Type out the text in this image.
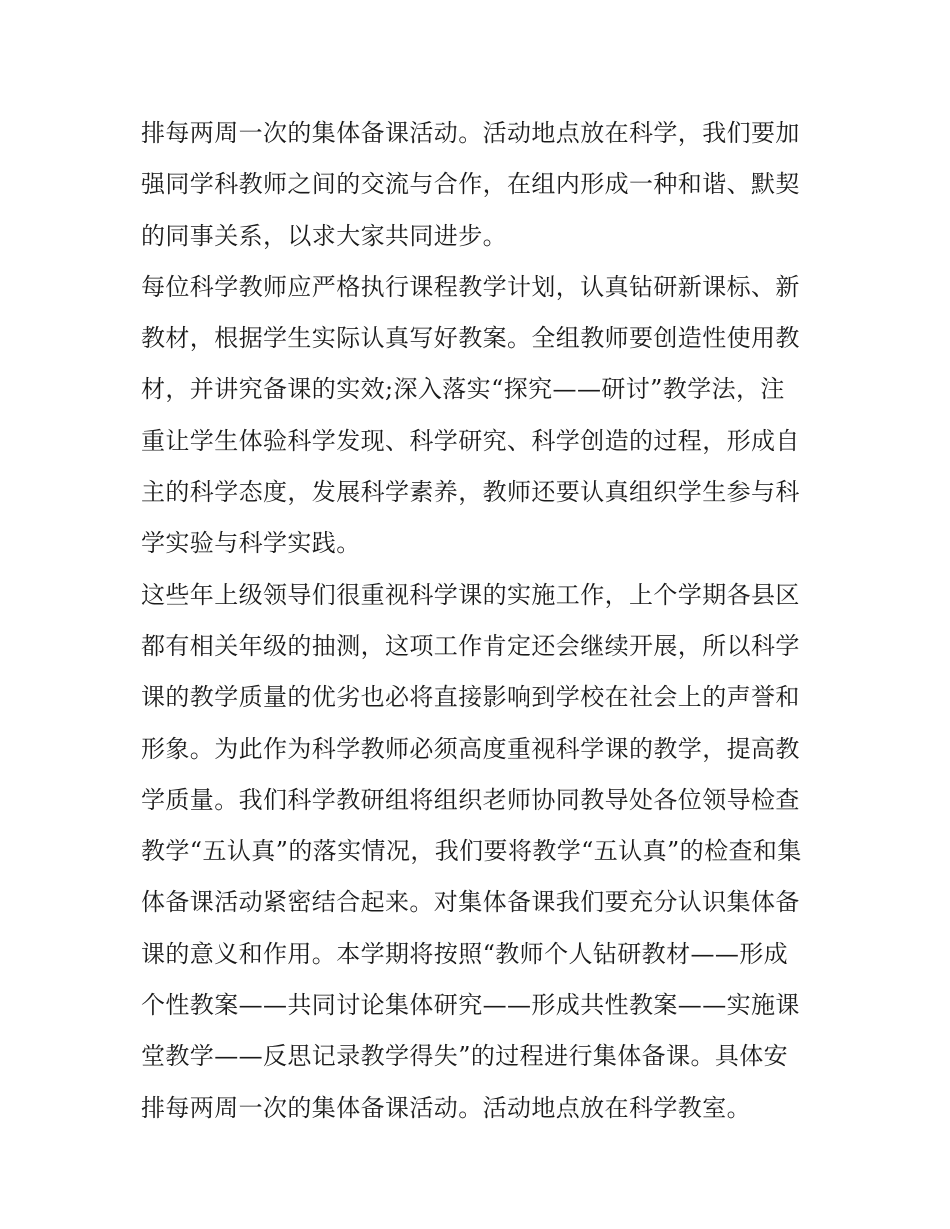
排每两周一次的集体备课活动。活动地点放在科学，我们要加
强同学科教师之间的交流与合作，在组内形成一种和谐、默契
的同事关系，以求大家共同进步。
每位科学教师应严格执行课程教学计划，认真钻研新课标、新
教材，根据学生实际认真写好教案。全组教师要创造性使用教
材，并讲究备课的实效;深入落实“探究——研讨”教学法，注
重让学生体验科学发现、科学研究、科学创造的过程，形成自
主的科学态度，发展科学素养，教师还要认真组织学生参与科
学实验与科学实践。
这些年上级领导们很重视科学课的实施工作，上个学期各县区
都有相关年级的抽测，这项工作肯定还会继续开展，所以科学
课的教学质量的优劣也必将直接影响到学校在社会上的声誉和
形象。为此作为科学教师必须高度重视科学课的教学，提高教
学质量。我们科学教研组将组织老师协同教导处各位领导检查
教学“五认真”的落实情况，我们要将教学“五认真”的检查和集
体备课活动紧密结合起来。对集体备课我们要充分认识集体备
课的意义和作用。本学期将按照“教师个人钻研教材——形成
个性教案——共同讨论集体研究——形成共性教案——实施课
堂教学——反思记录教学得失”的过程进行集体备课。具体安
排每两周一次的集体备课活动。活动地点放在科学教室。
